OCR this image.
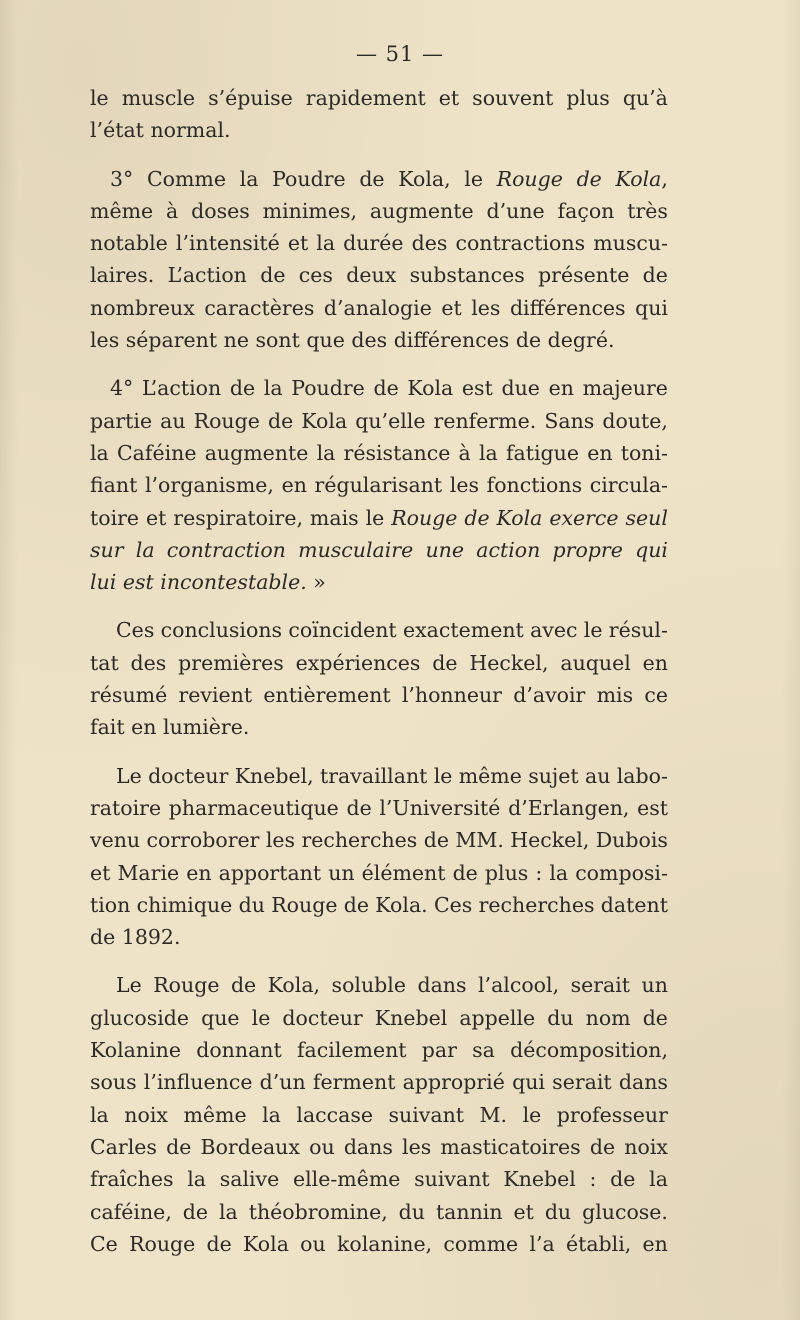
— 51 —
le muscle s’épuise rapidement et souvent plus qu’à
l’état
normal.
3° Comme la Poudre de Kola, le Rouge de Kola,
même à doses minimes, augmente d’une façon très
notable l’intensité et la durée des contractions muscu-
laires. L’action de ces deux substances présente de
nombreux caractères d’analogie et les différences qui
les
séparent
ne
sont
que
des
différences
de
degré.
4° L’action de la Poudre de Kola est due en majeure
partie au Rouge de Kola qu’elle renferme. Sans doute,
la Caféine augmente la résistance à la fatigue en toni-
fiant l’organisme, en régularisant les fonctions circula-
toire et respiratoire, mais le Rouge de Kola exerce seul
sur la contraction musculaire une action propre qui
lui
est
incontestable.
»
Ces conclusions coïncident exactement avec le résul-
tat des premières expériences de Heckel, auquel en
résumé revient entièrement l’honneur d’avoir mis ce
fait
en
lumière.
Le docteur Knebel, travaillant le même sujet au labo-
ratoire pharmaceutique de l’Université d’Erlangen, est
venu corroborer les recherches de MM. Heckel, Dubois
et Marie en apportant un élément de plus : la composi-
tion chimique du Rouge de Kola. Ces recherches datent
de
1892.
Le Rouge de Kola, soluble dans l’alcool, serait un
glucoside que le docteur Knebel appelle du nom de
Kolanine donnant facilement par sa décomposition,
sous l’influence d’un ferment approprié qui serait dans
la noix même la laccase suivant M. le professeur
Carles de Bordeaux ou dans les masticatoires de noix
fraîches la salive elle-même suivant Knebel : de la
caféine, de la théobromine, du tannin et du glucose.
Ce Rouge de Kola ou kolanine, comme l’a établi, en
